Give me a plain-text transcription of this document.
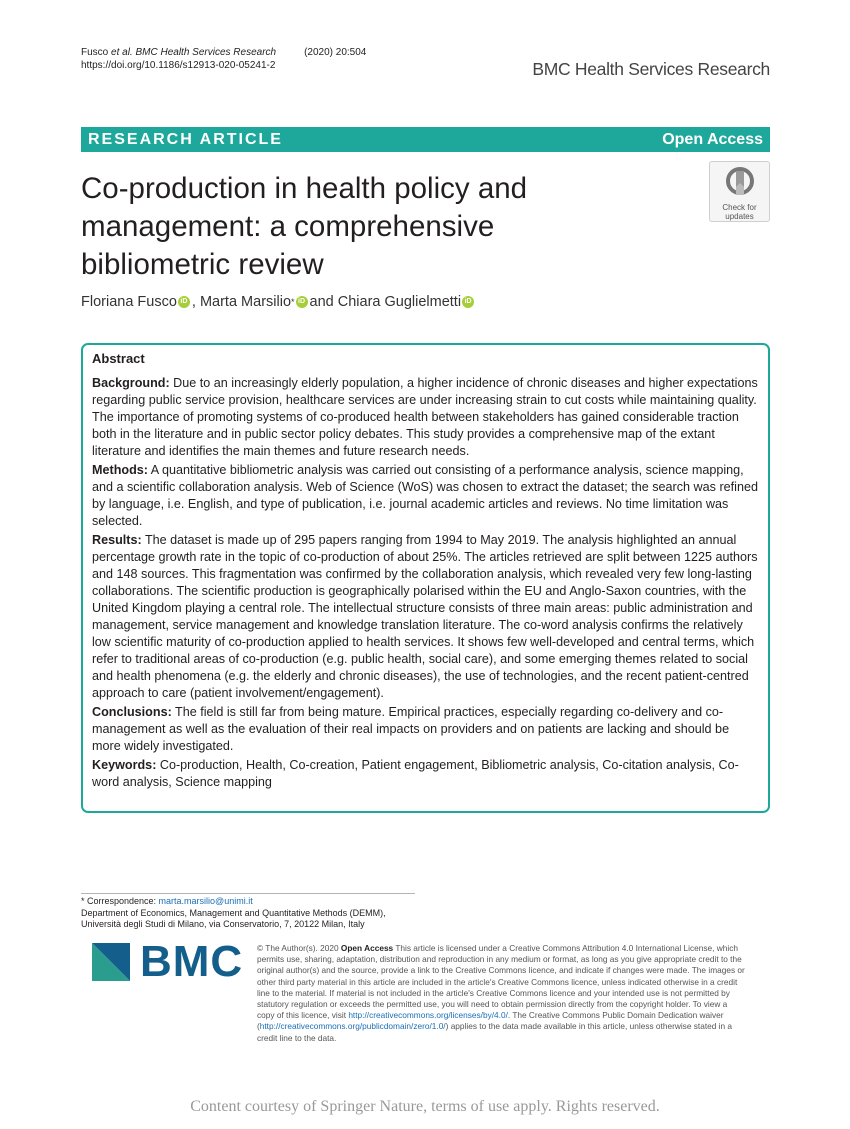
Fusco et al. BMC Health Services Research	(2020) 20:504
https://doi.org/10.1186/s12913-020-05241-2	BMC Health Services Research
RESEARCH ARTICLE	Open Access
Co-production in health policy and
management: a comprehensive
bibliometric review
Check for
updates
Floriana Fusco iD , Marta Marsilio * iD and Chiara Guglielmetti iD
Abstract

Background: Due to an increasingly elderly population, a higher incidence of chronic diseases and higher expectations regarding public service provision, healthcare services are under increasing strain to cut costs while maintaining quality. The importance of promoting systems of co-produced health between stakeholders has gained considerable traction both in the literature and in public sector policy debates. This study provides a comprehensive map of the extant literature and identifies the main themes and future research needs.

Methods: A quantitative bibliometric analysis was carried out consisting of a performance analysis, science mapping, and a scientific collaboration analysis. Web of Science (WoS) was chosen to extract the dataset; the search was refined by language, i.e. English, and type of publication, i.e. journal academic articles and reviews. No time limitation was selected.

Results: The dataset is made up of 295 papers ranging from 1994 to May 2019. The analysis highlighted an annual percentage growth rate in the topic of co-production of about 25%. The articles retrieved are split between 1225 authors and 148 sources. This fragmentation was confirmed by the collaboration analysis, which revealed very few long-lasting collaborations. The scientific production is geographically polarised within the EU and Anglo-Saxon countries, with the United Kingdom playing a central role. The intellectual structure consists of three main areas: public administration and management, service management and knowledge translation literature. The co-word analysis confirms the relatively low scientific maturity of co-production applied to health services. It shows few well-developed and central terms, which refer to traditional areas of co-production (e.g. public health, social care), and some emerging themes related to social and health phenomena (e.g. the elderly and chronic diseases), the use of technologies, and the recent patient-centred approach to care (patient involvement/engagement).

Conclusions: The field is still far from being mature. Empirical practices, especially regarding co-delivery and co-management as well as the evaluation of their real impacts on providers and on patients are lacking and should be more widely investigated.

Keywords: Co-production, Health, Co-creation, Patient engagement, Bibliometric analysis, Co-citation analysis, Co-word analysis, Science mapping

* Correspondence: marta.marsilio@unimi.it
Department of Economics, Management and Quantitative Methods (DEMM),
Università degli Studi di Milano, via Conservatorio, 7, 20122 Milan, Italy
BMC © The Author(s). 2020 Open Access This article is licensed under a Creative Commons Attribution 4.0 International License, which permits use, sharing, adaptation, distribution and reproduction in any medium or format, as long as you give appropriate credit to the original author(s) and the source, provide a link to the Creative Commons licence, and indicate if changes were made. The images or other third party material in this article are included in the article's Creative Commons licence, unless indicated otherwise in a credit line to the material. If material is not included in the article's Creative Commons licence and your intended use is not permitted by statutory regulation or exceeds the permitted use, you will need to obtain permission directly from the copyright holder. To view a copy of this licence, visit http://creativecommons.org/licenses/by/4.0/. The Creative Commons Public Domain Dedication waiver (http://creativecommons.org/publicdomain/zero/1.0/) applies to the data made available in this article, unless otherwise stated in a credit line to the data.
Content courtesy of Springer Nature, terms of use apply. Rights reserved.
